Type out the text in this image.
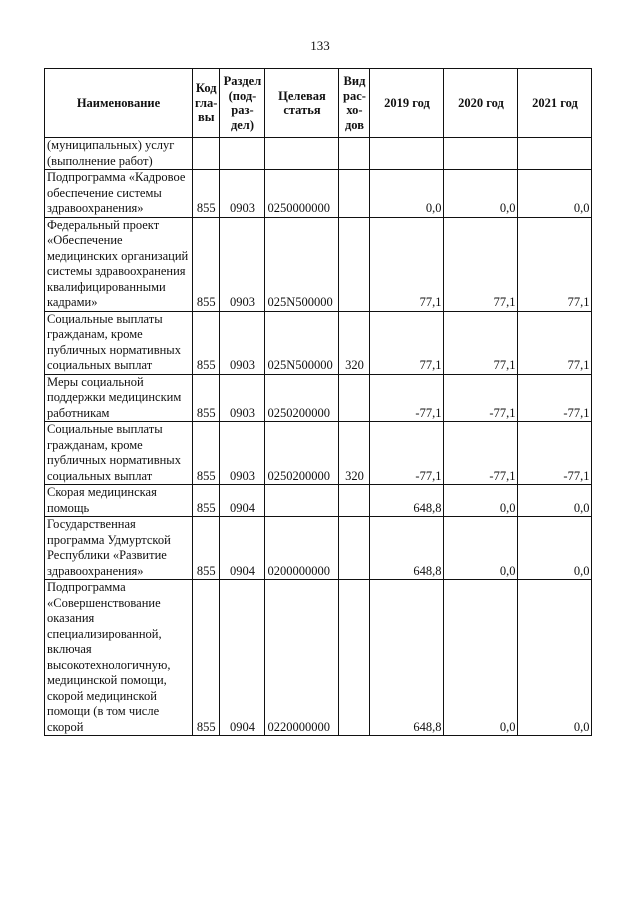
133
Наименование	Код гла-вы	Раздел (под-раз-дел)	Целевая статья	Вид рас-хо-дов	2019 год	2020 год	2021 год
(муниципальных) услуг (выполнение работ)							
Подпрограмма «Кадровое обеспечение системы здравоохранения»	855	0903	0250000000		0,0	0,0	0,0
Федеральный проект «Обеспечение медицинских организаций системы здравоохранения квалифицированными кадрами»	855	0903	025N500000		77,1	77,1	77,1
Социальные выплаты гражданам, кроме публичных нормативных социальных выплат	855	0903	025N500000	320	77,1	77,1	77,1
Меры социальной поддержки медицинским работникам	855	0903	0250200000		-77,1	-77,1	-77,1
Социальные выплаты гражданам, кроме публичных нормативных социальных выплат	855	0903	0250200000	320	-77,1	-77,1	-77,1
Скорая медицинская помощь	855	0904			648,8	0,0	0,0
Государственная программа Удмуртской Республики «Развитие здравоохранения»	855	0904	0200000000		648,8	0,0	0,0
Подпрограмма «Совершенствование оказания специализированной, включая высокотехнологичную, медицинской помощи, скорой медицинской помощи (в том числе скорой	855	0904	0220000000		648,8	0,0	0,0
